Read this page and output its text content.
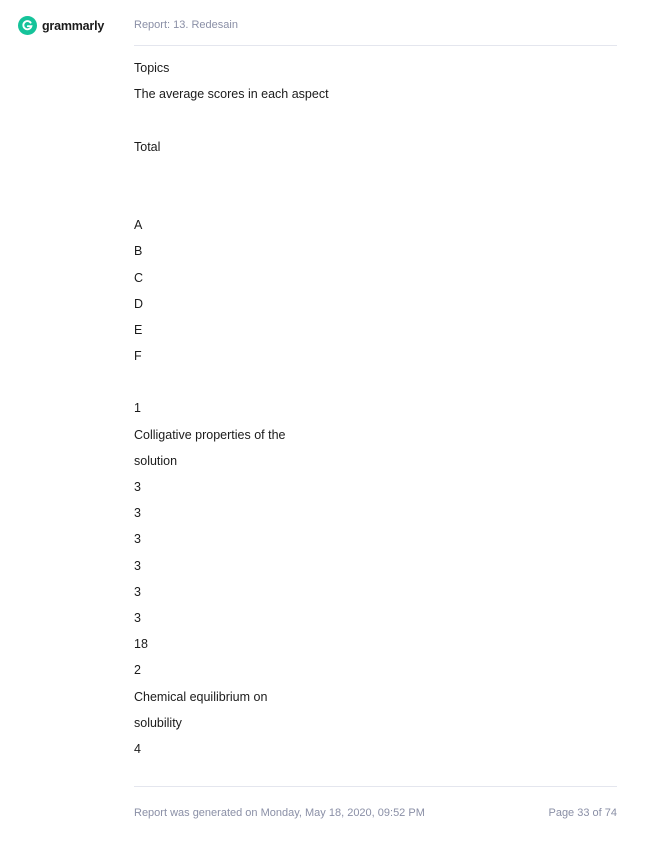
grammarly	Report: 13. Redesain
Topics
The average scores in each aspect
Total
A
B
C
D
E
F
1
Colligative properties of the
solution
3
3
3
3
3
3
18
2
Chemical equilibrium on
solubility
4
Report was generated on Monday, May 18, 2020, 09:52 PM	Page 33 of 74
